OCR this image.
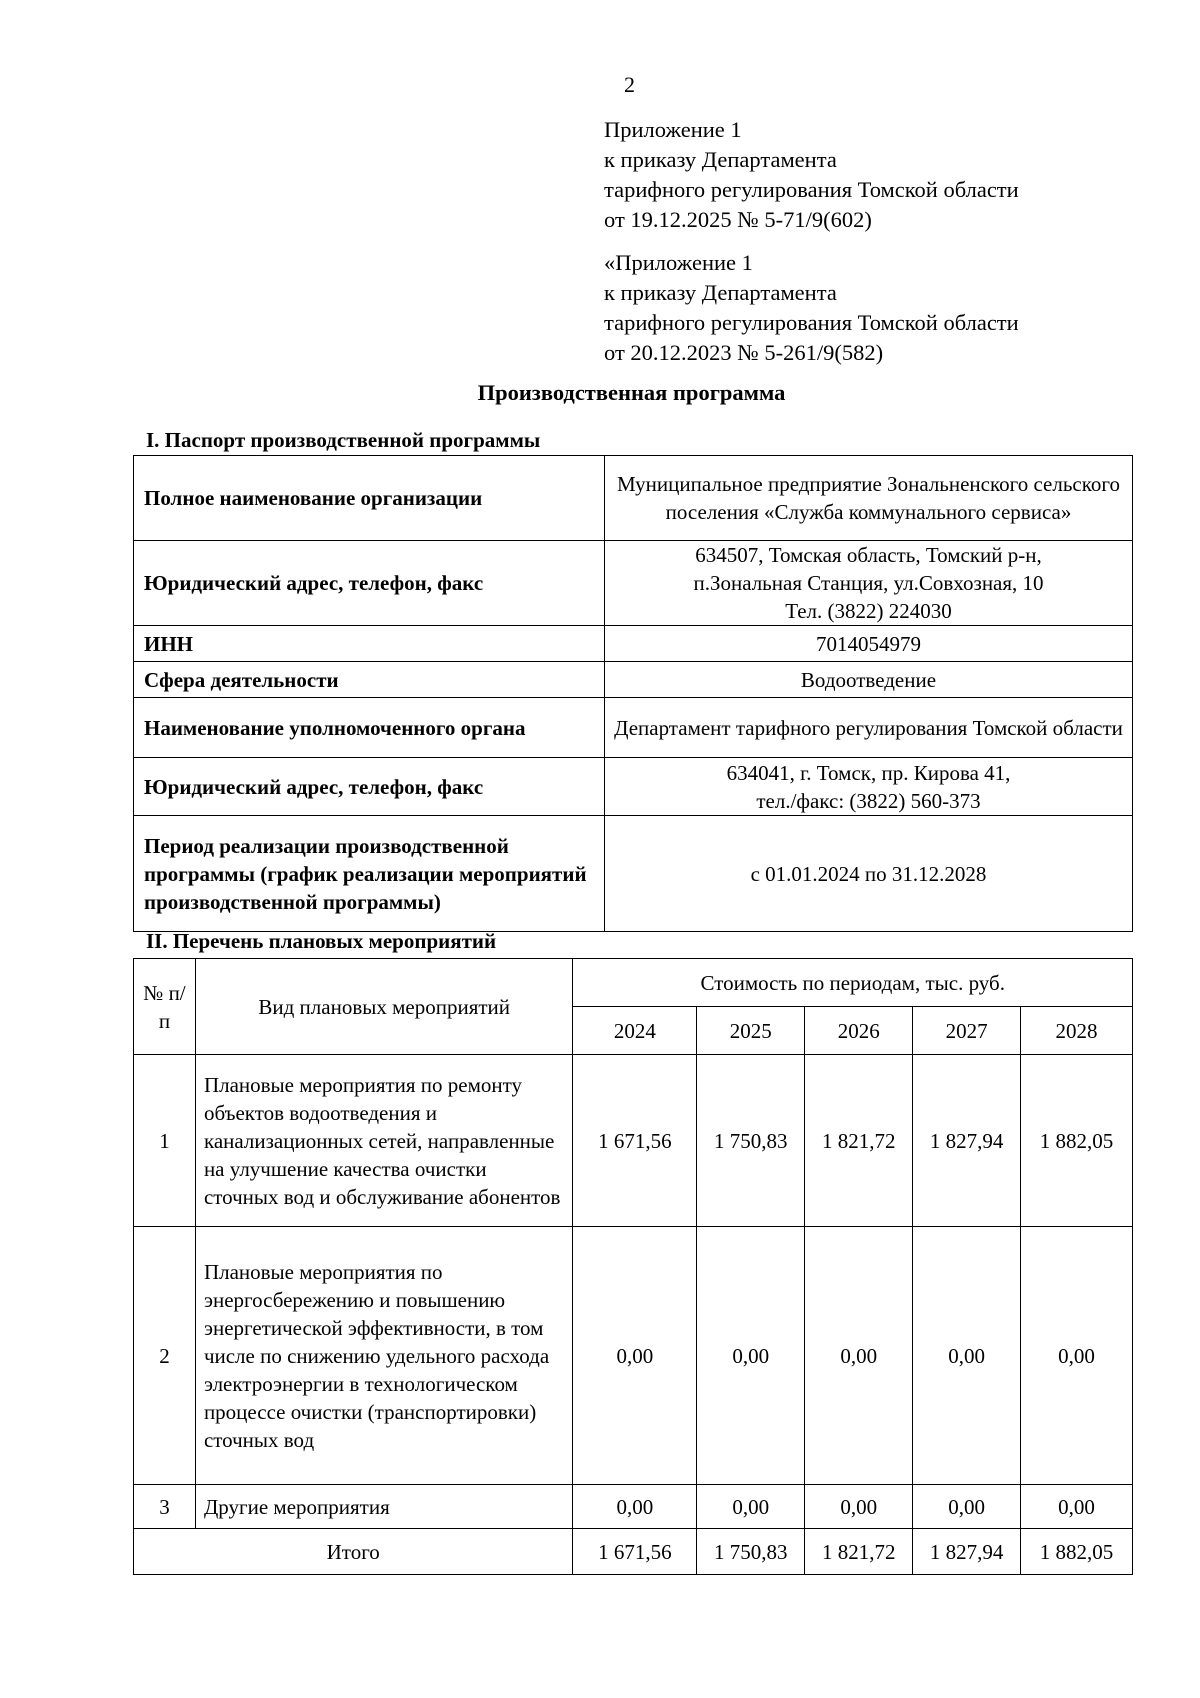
2
Приложение 1
к приказу Департамента
тарифного регулирования Томской области
от 19.12.2025 № 5-71/9(602)
«Приложение 1
к приказу Департамента
тарифного регулирования Томской области
от 20.12.2023 № 5-261/9(582)
Производственная программа
I. Паспорт производственной программы
Полное наименование организации	Муниципальное предприятие Зональненского сельского поселения «Служба коммунального сервиса»
Юридический адрес, телефон, факс	634507, Томская область, Томский р-н,
п.Зональная Станция, ул.Совхозная, 10
Тел. (3822) 224030

ИНН	7014054979
Сфера деятельности	Водоотведение
Наименование уполномоченного органа	Департамент тарифного регулирования Томской области
Юридический адрес, телефон, факс	634041, г. Томск, пр. Кирова 41,
тел./факс: (3822) 560-373

Период реализации производственной программы (график реализации мероприятий производственной программы)	с 01.01.2024 по 31.12.2028
II. Перечень плановых мероприятий
№ п/п	Вид плановых мероприятий	Стоимость по периодам, тыс. руб.				
		2024	2025	2026	2027	2028
1	Плановые мероприятия по ремонту объектов водоотведения и канализационных сетей, направленные на улучшение качества очистки сточных вод и обслуживание абонентов	1 671,56	1 750,83	1 821,72	1 827,94	1 882,05
2	Плановые мероприятия по энергосбережению и повышению энергетической эффективности, в том числе по снижению удельного расхода электроэнергии в технологическом процессе очистки (транспортировки) сточных вод	0,00	0,00	0,00	0,00	0,00
3	Другие мероприятия	0,00	0,00	0,00	0,00	0,00
Итого		1 671,56	1 750,83	1 821,72	1 827,94	1 882,05
